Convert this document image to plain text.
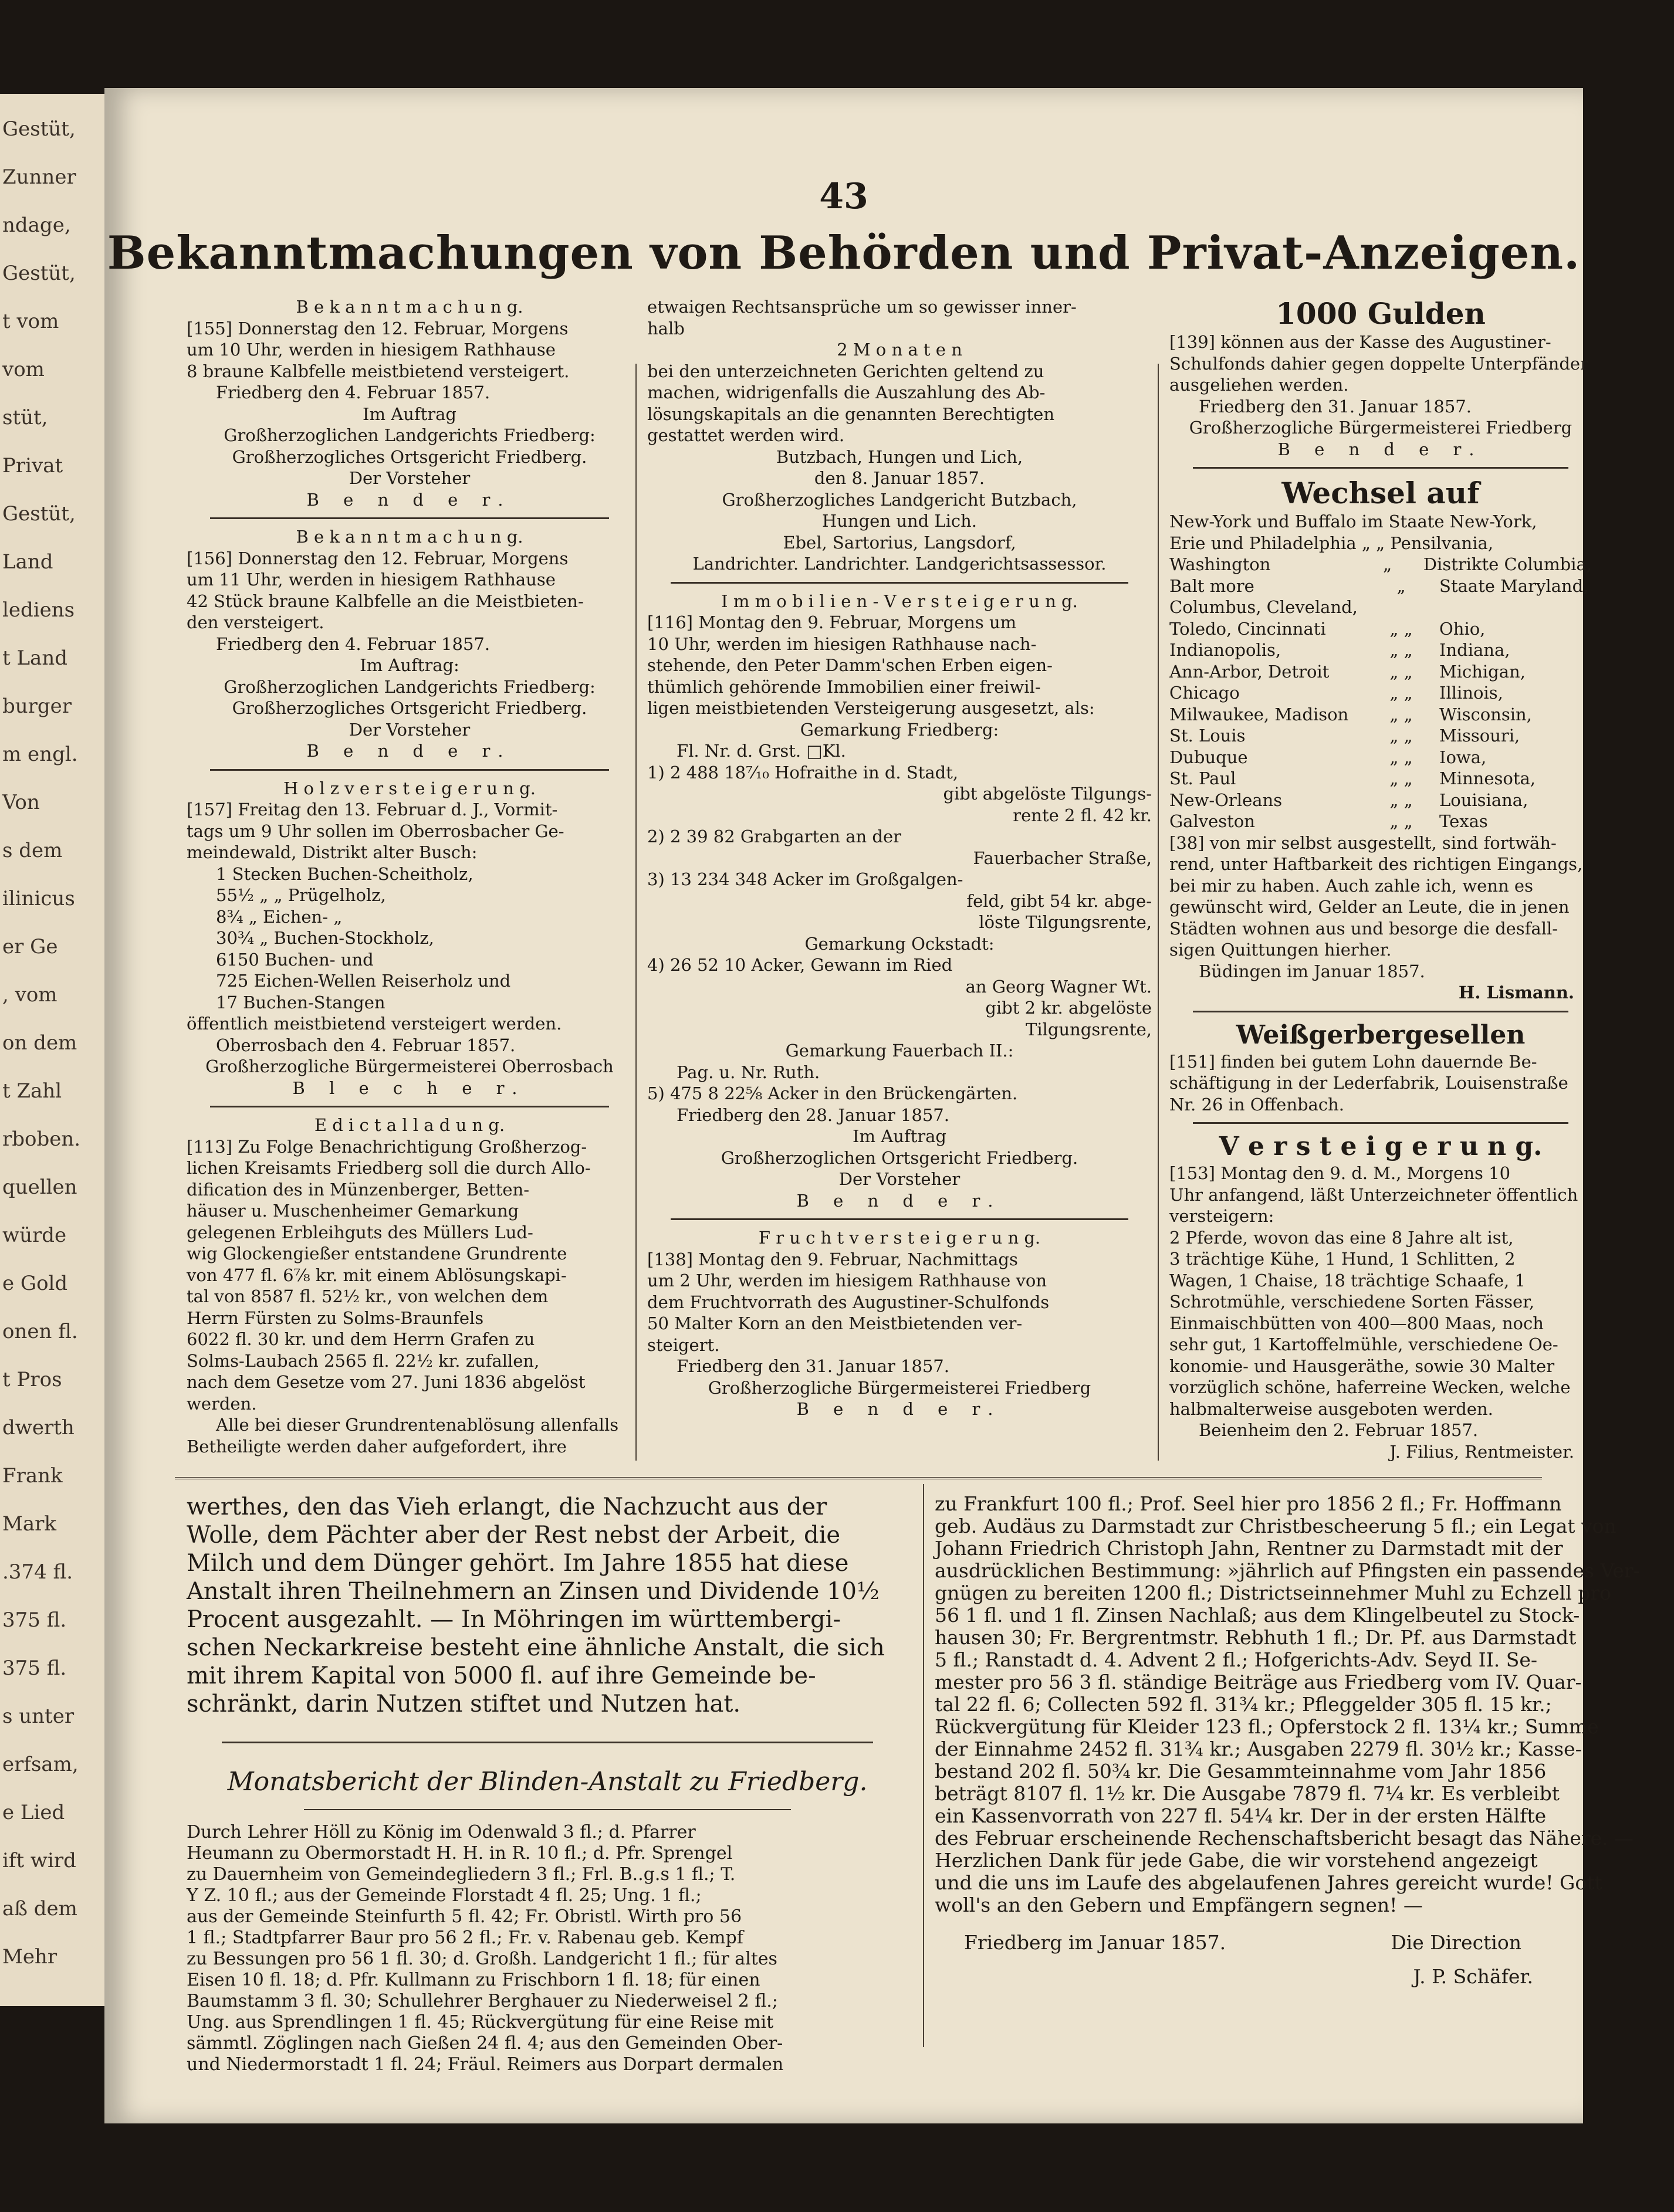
Gestüt,
Zunner
ndage,
Gestüt,
t vom
vom
stüt,
Privat
Gestüt,
Land
lediens
t Land
burger
m engl.
Von
s dem
ilinicus
er Ge
, vom
on dem
t Zahl
rboben.
quellen
würde
e Gold
onen fl.
t Pros
dwerth
Frank
Mark
.374 fl.
375 fl.
375 fl.
s unter
erfsam,
e Lied
ift wird
aß dem
Mehr
43
Bekanntmachungen von Behörden und Privat-Anzeigen.

B e k a n n t m a c h u n g.

[155] Donnerstag den 12. Februar, Morgens

um 10 Uhr, werden in hiesigem Rathhause

8 braune Kalbfelle meistbietend versteigert.

Friedberg den 4. Februar 1857.

Im Auftrag

Großherzoglichen Landgerichts Friedberg:

Großherzogliches Ortsgericht Friedberg.

Der Vorsteher

B e n d e r.

B e k a n n t m a c h u n g.

[156] Donnerstag den 12. Februar, Morgens

um 11 Uhr, werden in hiesigem Rathhause

42 Stück braune Kalbfelle an die Meistbieten-

den versteigert.

Friedberg den 4. Februar 1857.

Im Auftrag:

Großherzoglichen Landgerichts Friedberg:

Großherzogliches Ortsgericht Friedberg.

Der Vorsteher

B e n d e r.

H o l z v e r s t e i g e r u n g.

[157] Freitag den 13. Februar d. J., Vormit-

tags um 9 Uhr sollen im Oberrosbacher Ge-

meindewald, Distrikt alter Busch:

1 Stecken Buchen-Scheitholz,

55½ „ „ Prügelholz,

8¾ „ Eichen- „

30¾ „ Buchen-Stockholz,

6150 Buchen- und

725 Eichen-Wellen Reiserholz und

17 Buchen-Stangen

öffentlich meistbietend versteigert werden.

Oberrosbach den 4. Februar 1857.

Großherzogliche Bürgermeisterei Oberrosbach

B l e c h e r.

E d i c t a l l a d u n g.

[113] Zu Folge Benachrichtigung Großherzog-

lichen Kreisamts Friedberg soll die durch Allo-

dification des in Münzenberger, Betten-

häuser u. Muschenheimer Gemarkung

gelegenen Erbleihguts des Müllers Lud-

wig Glockengießer entstandene Grundrente

von 477 fl. 6⅞ kr. mit einem Ablösungskapi-

tal von 8587 fl. 52½ kr., von welchen dem

Herrn Fürsten zu Solms-Braunfels

6022 fl. 30 kr. und dem Herrn Grafen zu

Solms-Laubach 2565 fl. 22½ kr. zufallen,

nach dem Gesetze vom 27. Juni 1836 abgelöst

werden.

Alle bei dieser Grundrentenablösung allenfalls

Betheiligte werden daher aufgefordert, ihre

etwaigen Rechtsansprüche um so gewisser inner-

halb

2 M o n a t e n

bei den unterzeichneten Gerichten geltend zu

machen, widrigenfalls die Auszahlung des Ab-

lösungskapitals an die genannten Berechtigten

gestattet werden wird.

Butzbach, Hungen und Lich,

den 8. Januar 1857.

Großherzogliches Landgericht Butzbach,

Hungen und Lich.

Ebel, Sartorius, Langsdorf,

Landrichter. Landrichter. Landgerichtsassessor.

I m m o b i l i e n - V e r s t e i g e r u n g.

[116] Montag den 9. Februar, Morgens um

10 Uhr, werden im hiesigen Rathhause nach-

stehende, den Peter Damm'schen Erben eigen-

thümlich gehörende Immobilien einer freiwil-

ligen meistbietenden Versteigerung ausgesetzt, als:

Gemarkung Friedberg:

Fl. Nr. d. Grst. □Kl.

1) 2 488 18⁷⁄₁₀ Hofraithe in d. Stadt,

gibt abgelöste Tilgungs-

rente 2 fl. 42 kr.

2) 2 39 82 Grabgarten an der

Fauerbacher Straße,

3) 13 234 348 Acker im Großgalgen-

feld, gibt 54 kr. abge-

löste Tilgungsrente,

Gemarkung Ockstadt:

4) 26 52 10 Acker, Gewann im Ried

an Georg Wagner Wt.

gibt 2 kr. abgelöste

Tilgungsrente,

Gemarkung Fauerbach II.:

Pag. u. Nr. Ruth.

5) 475 8 22⅝ Acker in den Brückengärten.

Friedberg den 28. Januar 1857.

Im Auftrag

Großherzoglichen Ortsgericht Friedberg.

Der Vorsteher

B e n d e r.

F r u c h t v e r s t e i g e r u n g.

[138] Montag den 9. Februar, Nachmittags

um 2 Uhr, werden im hiesigem Rathhause von

dem Fruchtvorrath des Augustiner-Schulfonds

50 Malter Korn an den Meistbietenden ver-

steigert.

Friedberg den 31. Januar 1857.

Großherzogliche Bürgermeisterei Friedberg

B e n d e r.

1000 Gulden

[139] können aus der Kasse des Augustiner-

Schulfonds dahier gegen doppelte Unterpfänder

ausgeliehen werden.

Friedberg den 31. Januar 1857.

Großherzogliche Bürgermeisterei Friedberg

B e n d e r.

Wechsel auf

New-York und Buffalo im Staate New-York,

Erie und Philadelphia „ „ Pensilvania,

Washington	„	Distrikte Columbia,

Balt more	„	Staate Maryland,

Columbus, Cleveland,

Toledo, Cincinnati	„ „	Ohio,

Indianopolis,	„ „	Indiana,

Ann-Arbor, Detroit	„ „	Michigan,

Chicago	„ „	Illinois,

Milwaukee, Madison	„ „	Wisconsin,

St. Louis	„ „	Missouri,

Dubuque	„ „	Iowa,

St. Paul	„ „	Minnesota,

New-Orleans	„ „	Louisiana,

Galveston	„ „	Texas

[38] von mir selbst ausgestellt, sind fortwäh-

rend, unter Haftbarkeit des richtigen Eingangs,

bei mir zu haben. Auch zahle ich, wenn es

gewünscht wird, Gelder an Leute, die in jenen

Städten wohnen aus und besorge die desfall-

sigen Quittungen hierher.

Büdingen im Januar 1857.

H. Lismann.

Weißgerbergesellen

[151] finden bei gutem Lohn dauernde Be-

schäftigung in der Lederfabrik, Louisenstraße

Nr. 26 in Offenbach.

V e r s t e i g e r u n g.

[153] Montag den 9. d. M., Morgens 10

Uhr anfangend, läßt Unterzeichneter öffentlich

versteigern:

2 Pferde, wovon das eine 8 Jahre alt ist,

3 trächtige Kühe, 1 Hund, 1 Schlitten, 2

Wagen, 1 Chaise, 18 trächtige Schaafe, 1

Schrotmühle, verschiedene Sorten Fässer,

Einmaischbütten von 400—800 Maas, noch

sehr gut, 1 Kartoffelmühle, verschiedene Oe-

konomie- und Hausgeräthe, sowie 30 Malter

vorzüglich schöne, haferreine Wecken, welche

halbmalterweise ausgeboten werden.

Beienheim den 2. Februar 1857.

J. Filius, Rentmeister.

werthes, den das Vieh erlangt, die Nachzucht aus der

Wolle, dem Pächter aber der Rest nebst der Arbeit, die

Milch und dem Dünger gehört. Im Jahre 1855 hat diese

Anstalt ihren Theilnehmern an Zinsen und Dividende 10½

Procent ausgezahlt. — In Möhringen im württembergi-

schen Neckarkreise besteht eine ähnliche Anstalt, die sich

mit ihrem Kapital von 5000 fl. auf ihre Gemeinde be-

schränkt, darin Nutzen stiftet und Nutzen hat.

Monatsbericht der Blinden-Anstalt zu Friedberg.

Durch Lehrer Höll zu König im Odenwald 3 fl.; d. Pfarrer

Heumann zu Obermorstadt H. H. in R. 10 fl.; d. Pfr. Sprengel

zu Dauernheim von Gemeindegliedern 3 fl.; Frl. B..g.s 1 fl.; T.

Y Z. 10 fl.; aus der Gemeinde Florstadt 4 fl. 25; Ung. 1 fl.;

aus der Gemeinde Steinfurth 5 fl. 42; Fr. Obristl. Wirth pro 56

1 fl.; Stadtpfarrer Baur pro 56 2 fl.; Fr. v. Rabenau geb. Kempf

zu Bessungen pro 56 1 fl. 30; d. Großh. Landgericht 1 fl.; für altes

Eisen 10 fl. 18; d. Pfr. Kullmann zu Frischborn 1 fl. 18; für einen

Baumstamm 3 fl. 30; Schullehrer Berghauer zu Niederweisel 2 fl.;

Ung. aus Sprendlingen 1 fl. 45; Rückvergütung für eine Reise mit

sämmtl. Zöglingen nach Gießen 24 fl. 4; aus den Gemeinden Ober-

und Niedermorstadt 1 fl. 24; Fräul. Reimers aus Dorpart dermalen

zu Frankfurt 100 fl.; Prof. Seel hier pro 1856 2 fl.; Fr. Hoffmann

geb. Audäus zu Darmstadt zur Christbescheerung 5 fl.; ein Legat von

Johann Friedrich Christoph Jahn, Rentner zu Darmstadt mit der

ausdrücklichen Bestimmung: »jährlich auf Pfingsten ein passendes Ver-

gnügen zu bereiten 1200 fl.; Districtseinnehmer Muhl zu Echzell pro

56 1 fl. und 1 fl. Zinsen Nachlaß; aus dem Klingelbeutel zu Stock-

hausen 30; Fr. Bergrentmstr. Rebhuth 1 fl.; Dr. Pf. aus Darmstadt

5 fl.; Ranstadt d. 4. Advent 2 fl.; Hofgerichts-Adv. Seyd II. Se-

mester pro 56 3 fl. ständige Beiträge aus Friedberg vom IV. Quar-

tal 22 fl. 6; Collecten 592 fl. 31¾ kr.; Pfleggelder 305 fl. 15 kr.;

Rückvergütung für Kleider 123 fl.; Opferstock 2 fl. 13¼ kr.; Summe

der Einnahme 2452 fl. 31¾ kr.; Ausgaben 2279 fl. 30½ kr.; Kasse-

bestand 202 fl. 50¾ kr. Die Gesammteinnahme vom Jahr 1856

beträgt 8107 fl. 1½ kr. Die Ausgabe 7879 fl. 7¼ kr. Es verbleibt

ein Kassenvorrath von 227 fl. 54¼ kr. Der in der ersten Hälfte

des Februar erscheinende Rechenschaftsbericht besagt das Nähere. —

Herzlichen Dank für jede Gabe, die wir vorstehend angezeigt

und die uns im Laufe des abgelaufenen Jahres gereicht wurde! Gott

woll's an den Gebern und Empfängern segnen! —

Friedberg im Januar 1857.	Die Direction

J. P. Schäfer.
